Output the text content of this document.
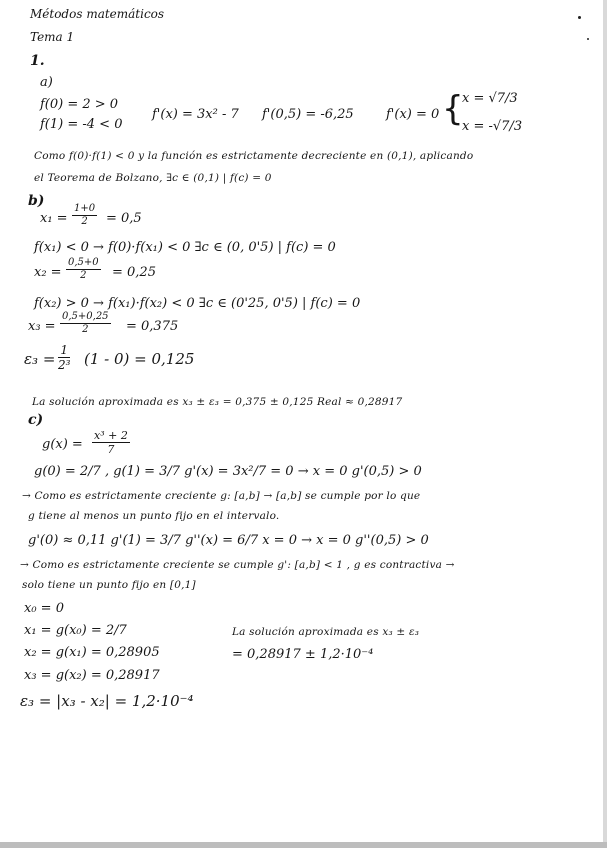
Métodos matemáticos
Tema 1
1.
a)
f(0) = 2 > 0
f(1) = -4 < 0
f'(x) = 3x² - 7 f'(0,5) = -6,25 f'(x) = 0 {
x = √7/3
x = -√7/3
Como f(0)·f(1) < 0 y la función es estrictamente decreciente en (0,1), aplicando
el Teorema de Bolzano, ∃c ∈ (0,1) | f(c) = 0
b)
$x_1 = \frac{1+0}{2} = 0,5$
f(x₁) < 0 → f(0)·f(x₁) < 0 ∃c ∈ (0, 0'5) | f(c) = 0
$x_2 = \frac{0,5+0}{2} = 0,25$
f(x₂) > 0 → f(x₁)·f(x₂) < 0 ∃c ∈ (0'25, 0'5) | f(c) = 0
$x_3 = \frac{0,5+0,25}{2} = 0,375$
$\varepsilon_3 = \frac{1}{\text{2³}} (1 - 0) = 0,125$
La solución aproximada es x₃ ± ε₃ = 0,375 ± 0,125 Real ≈ 0,28917
c)
$g(x) = \frac{\text{x³ + 2}}{7}$
g(0) = 2/7 , g(1) = 3/7 g'(x) = 3x²/7 = 0 → x = 0 g'(0,5) > 0
→ Como es estrictamente creciente g: [a,b] → [a,b] se cumple por lo que
g tiene al menos un punto fijo en el intervalo.
g'(0) ≈ 0,11 g'(1) = 3/7 g''(x) = 6/7 x = 0 → x = 0 g''(0,5) > 0
→ Como es estrictamente creciente se cumple g': [a,b] < 1 , g es contractiva →
solo tiene un punto fijo en [0,1]
x₀ = 0
x₁ = g(x₀) = 2/7
x₂ = g(x₁) = 0,28905
x₃ = g(x₂) = 0,28917
ε₃ = |x₃ - x₂| = 1,2·10⁻⁴
La solución aproximada es x₃ ± ε₃
= 0,28917 ± 1,2·10⁻⁴
